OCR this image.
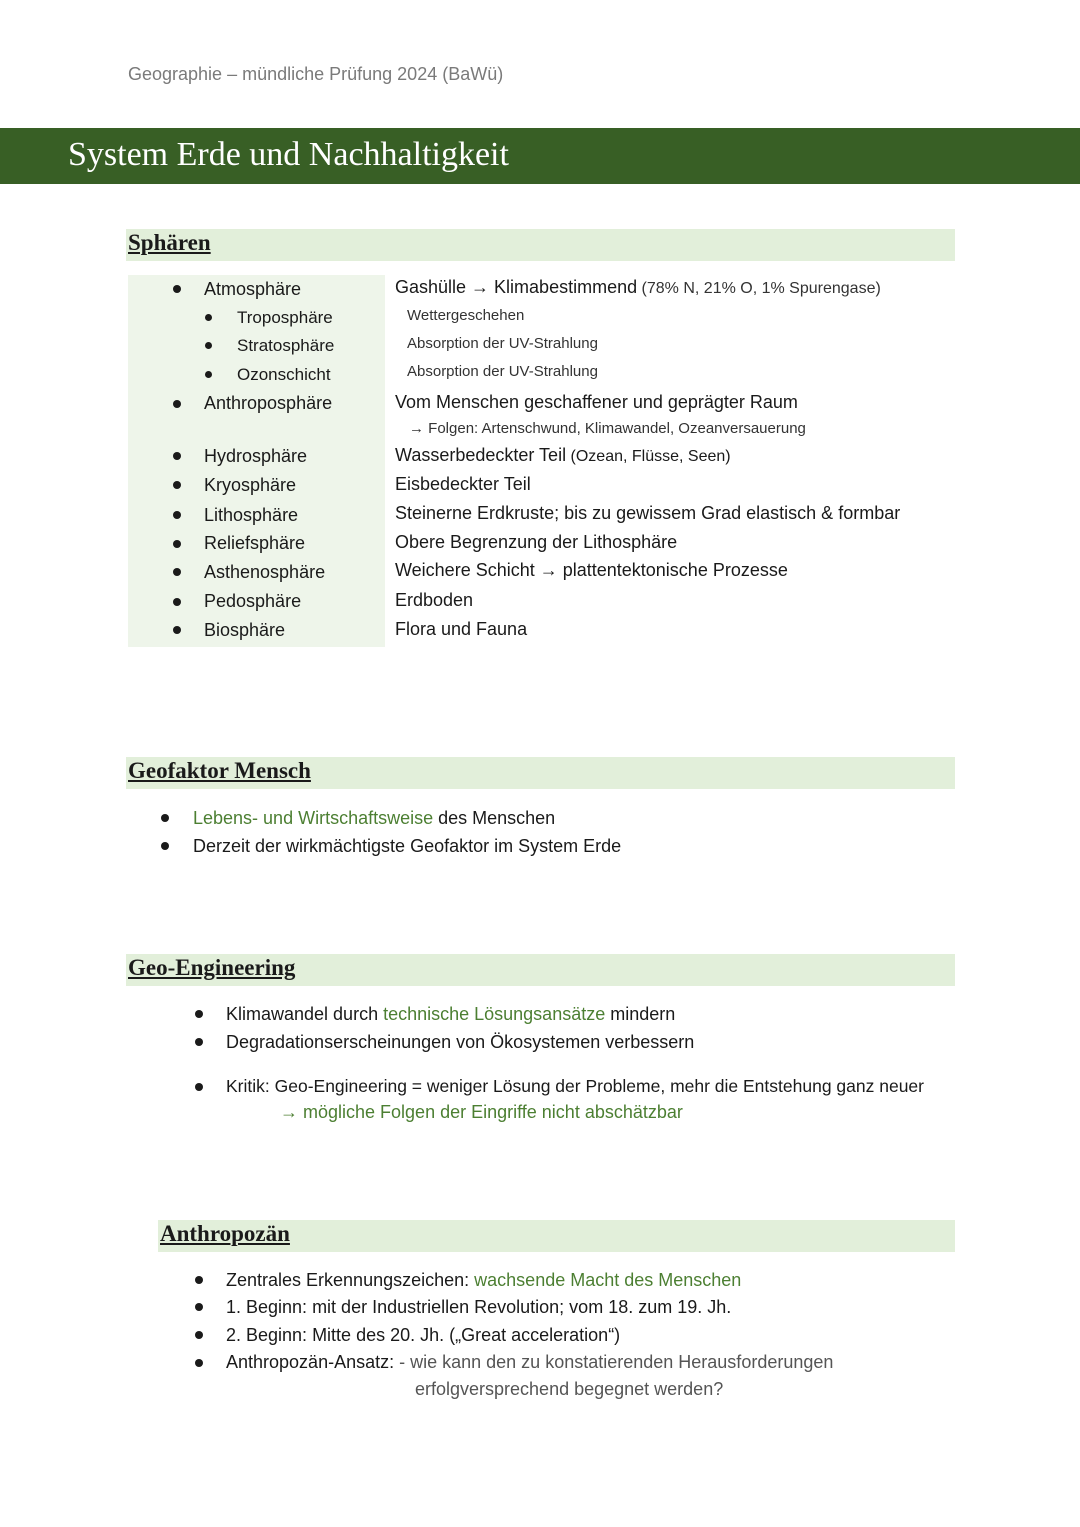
Geographie – mündliche Prüfung 2024 (BaWü)
System Erde und Nachhaltigkeit
Sphären
Atmosphäre	Gashülle → Klimabestimmend (78% N, 21% O, 1% Spurengase)
Troposphäre	Wettergeschehen
Stratosphäre	Absorption der UV-Strahlung
Ozonschicht	Absorption der UV-Strahlung
Anthroposphäre	Vom Menschen geschaffener und geprägter Raum
→ Folgen: Artenschwund, Klimawandel, Ozeanversauerung
Hydrosphäre	Wasserbedeckter Teil (Ozean, Flüsse, Seen)
Kryosphäre	Eisbedeckter Teil
Lithosphäre	Steinerne Erdkruste; bis zu gewissem Grad elastisch & formbar
Reliefsphäre	Obere Begrenzung der Lithosphäre
Asthenosphäre	Weichere Schicht → plattentektonische Prozesse
Pedosphäre	Erdboden
Biosphäre	Flora und Fauna
Geofaktor Mensch
Lebens- und Wirtschaftsweise des Menschen
Derzeit der wirkmächtigste Geofaktor im System Erde
Geo-Engineering
Klimawandel durch technische Lösungsansätze mindern
Degradationserscheinungen von Ökosystemen verbessern
Kritik: Geo-Engineering = weniger Lösung der Probleme, mehr die Entstehung ganz neuer
→ mögliche Folgen der Eingriffe nicht abschätzbar
Anthropozän
Zentrales Erkennungszeichen: wachsende Macht des Menschen
1. Beginn: mit der Industriellen Revolution; vom 18. zum 19. Jh.
2. Beginn: Mitte des 20. Jh. („Great acceleration“)
Anthropozän-Ansatz: - wie kann den zu konstatierenden Herausforderungen
erfolgversprechend begegnet werden?
